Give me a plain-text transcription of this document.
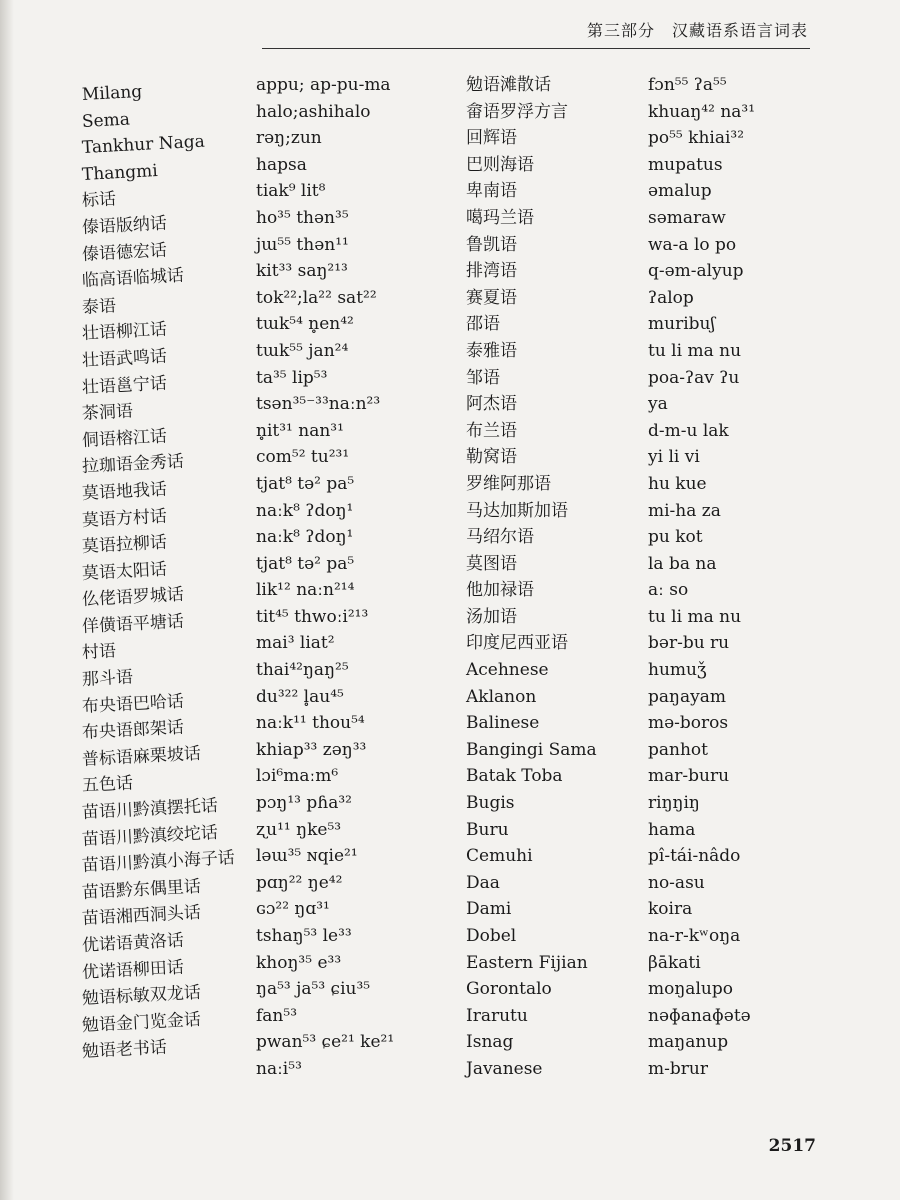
第三部分　汉藏语系语言词表
Milang
Sema
Tankhur Naga
Thangmi
标话
傣语版纳话
傣语德宏话
临高语临城话
泰语
壮语柳江话
壮语武鸣话
壮语邕宁话
茶洞语
侗语榕江话
拉珈语金秀话
莫语地我话
莫语方村话
莫语拉柳话
莫语太阳话
仫佬语罗城话
佯僙语平塘话
村语
那斗语
布央语巴哈话
布央语郎架话
普标语麻栗坡话
五色话
苗语川黔滇摆托话
苗语川黔滇绞坨话
苗语川黔滇小海子话
苗语黔东偶里话
苗语湘西洞头话
优诺语黄洛话
优诺语柳田话
勉语标敏双龙话
勉语金门览金话
勉语老书话
appu; ap-pu-ma
halo;ashihalo
rəŋ;zun
hapsa
tiak⁹ lit⁸
ho³⁵ thən³⁵
jɯ⁵⁵ thən¹¹
kit³³ saŋ²¹³
tok²²;la²² sat²²
tɯk⁵⁴ n̥en⁴²
tɯk⁵⁵ jan²⁴
ta³⁵ lip⁵³
tsən³⁵⁻³³naːn²³
n̥it³¹ nan³¹
com⁵² tu²³¹
tjat⁸ tə² pa⁵
naːk⁸ ʔdoŋ¹
naːk⁸ ʔdoŋ¹
tjat⁸ tə² pa⁵
lik¹² naːn²¹⁴
tit⁴⁵ thwoːi²¹³
mai³ liat²
thai⁴²ŋaŋ²⁵
du³²² l̥au⁴⁵
naːk¹¹ thou⁵⁴
khiap³³ zəŋ³³
lɔi⁶maːm⁶
pɔŋ¹³ pɦa³²
ʐu¹¹ ŋke⁵³
ləɯ³⁵ ɴqie²¹
pɑŋ²² ŋe⁴²
ɢɔ²² ŋɑ³¹
tshaŋ⁵³ le³³
khoŋ³⁵ e³³
ŋa⁵³ ja⁵³ ɕiu³⁵
fan⁵³
pwan⁵³ ɕe²¹ ke²¹
naːi⁵³
勉语滩散话
畲语罗浮方言
回辉语
巴则海语
卑南语
噶玛兰语
鲁凯语
排湾语
赛夏语
邵语
泰雅语
邹语
阿杰语
布兰语
勒窝语
罗维阿那语
马达加斯加语
马绍尔语
莫图语
他加禄语
汤加语
印度尼西亚语
Acehnese
Aklanon
Balinese
Bangingi Sama
Batak Toba
Bugis
Buru
Cemuhi
Daa
Dami
Dobel
Eastern Fijian
Gorontalo
Irarutu
Isnag
Javanese
fɔn⁵⁵ ʔa⁵⁵
khuaŋ⁴² na³¹
po⁵⁵ khiai³²
mupatus
əmalup
səmaraw
wa-a lo po
q-əm-alyup
ʔalop
muribuʃ
tu li ma nu
poa-ʔav ʔu
ya
d-m-u lak
yi li vi
hu kue
mi-ha za
pu kot
la ba na
aː so
tu li ma nu
bər-bu ru
humuǯ
paŋayam
mə-boros
panhot
mar-buru
riŋŋiŋ
hama
pî-tái-nâdo
no-asu
koira
na-r-kʷoŋa
βākati
moŋalupo
nəɸanaɸətə
maŋanup
m-brur
2517
